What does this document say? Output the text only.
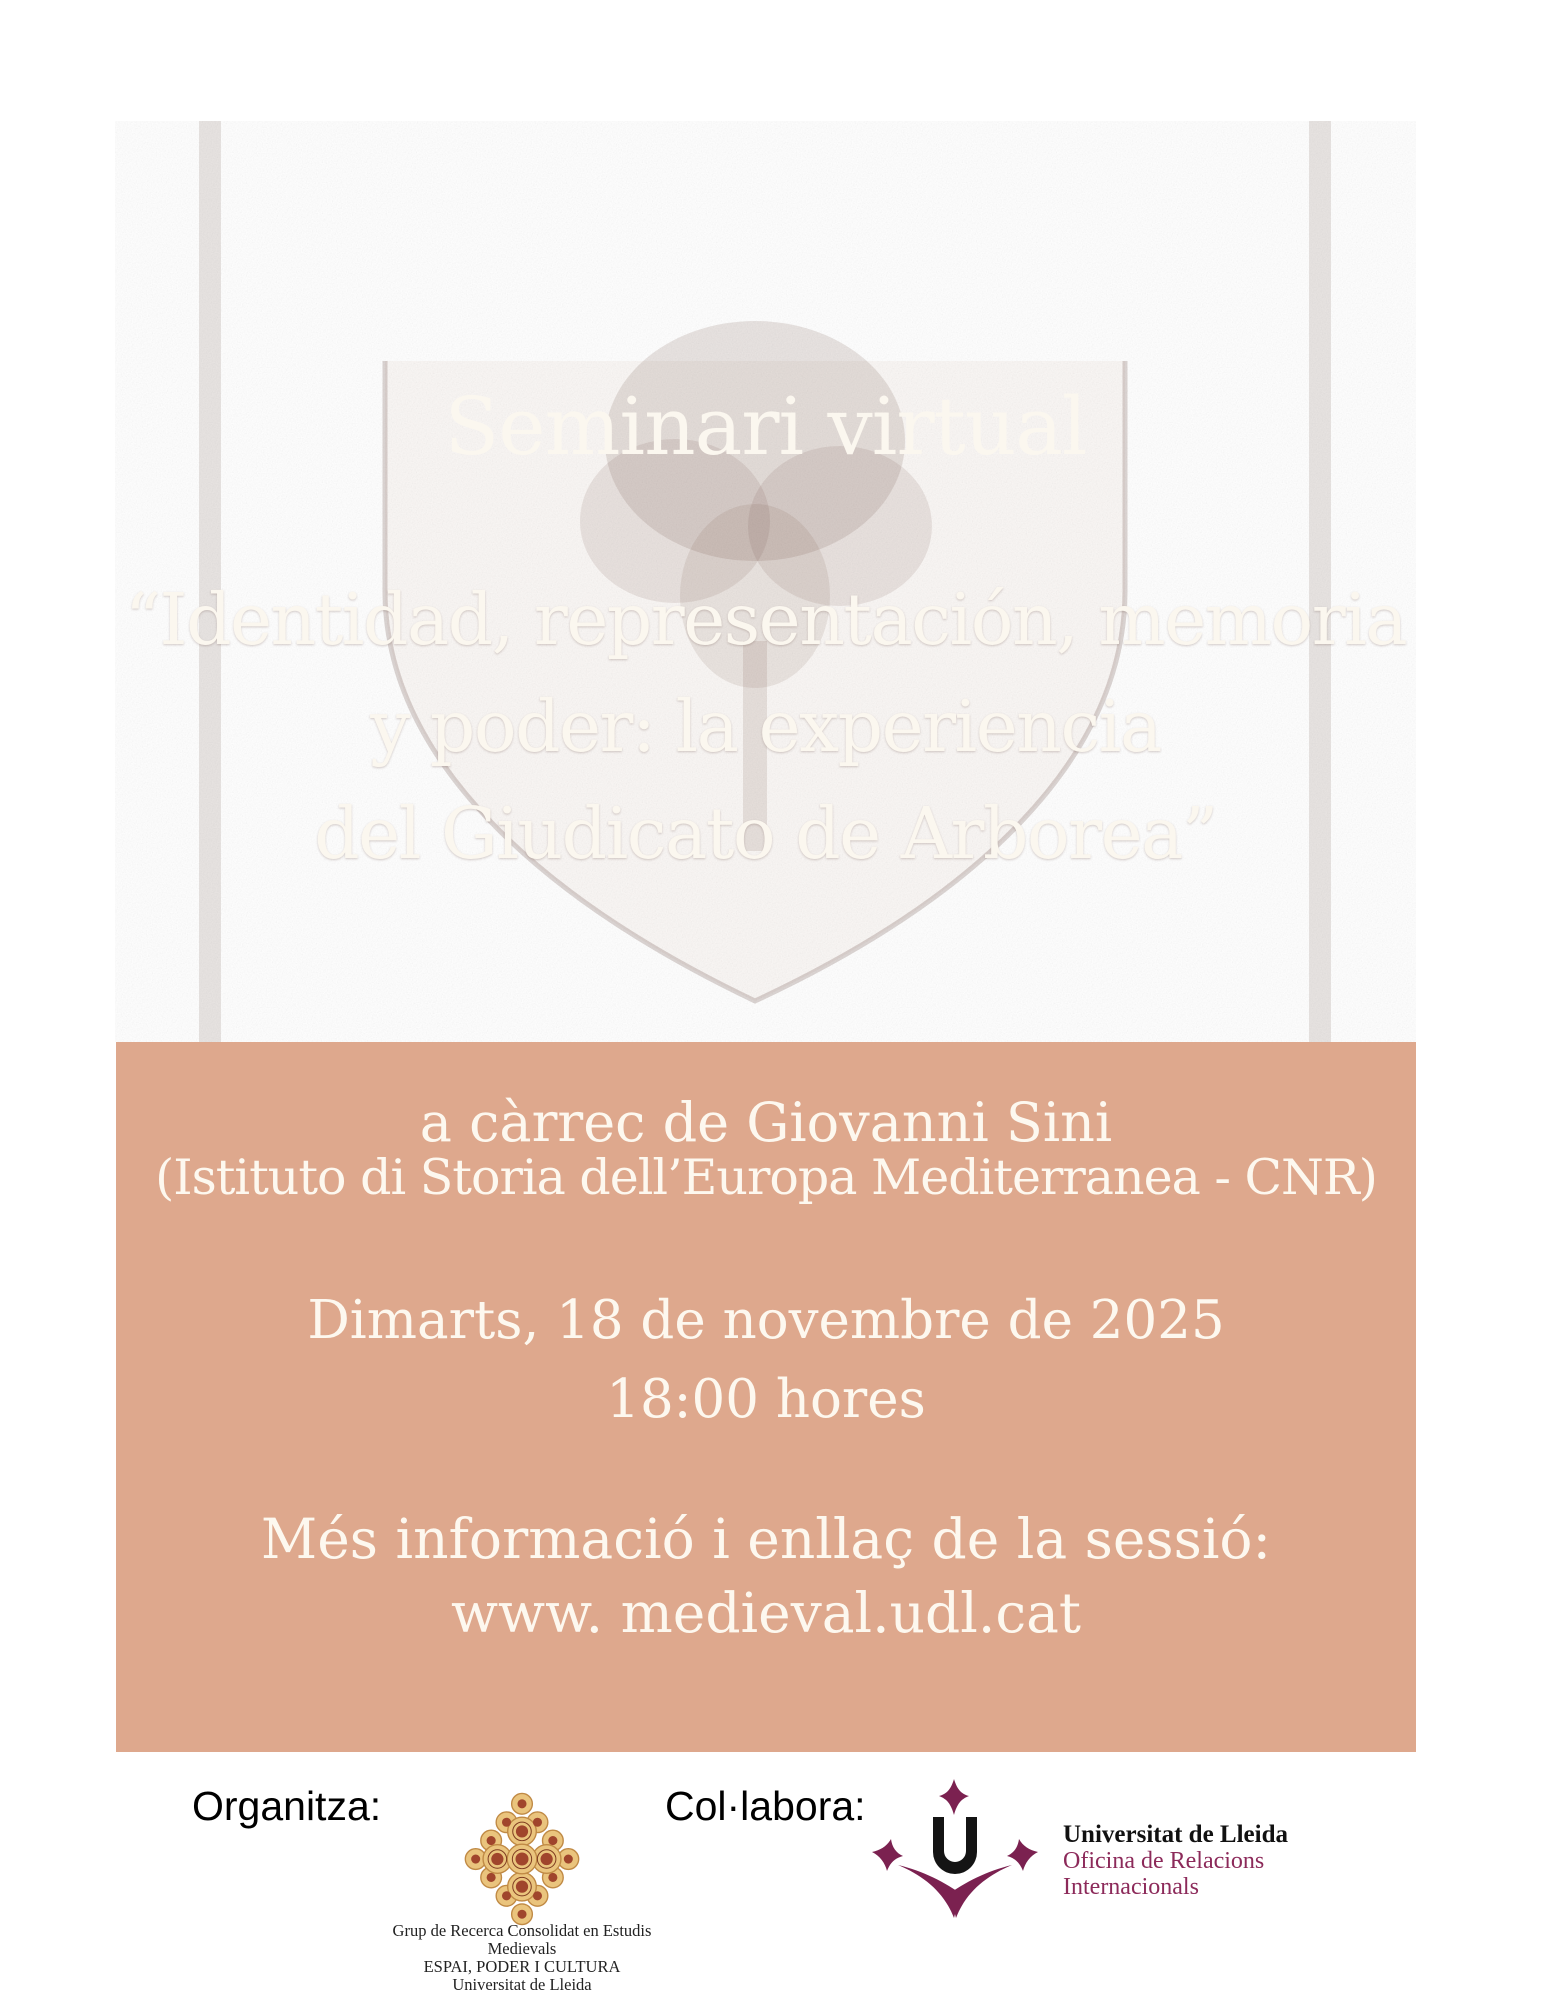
Seminari virtual
“Identidad, representación, memoria
y poder: la experiencia
del Giudicato de Arborea”
a càrrec de Giovanni Sini
(Istituto di Storia dell’Europa Mediterranea - CNR)
Dimarts, 18 de novembre de 2025
18:00 hores
Més informació i enllaç de la sessió:
www. medieval.udl.cat
Organitza:
Grup de Recerca Consolidat en Estudis
Medievals
ESPAI, PODER I CULTURA
Universitat de Lleida
Col·labora:
Universitat de Lleida
Oficina de Relacions
Internacionals
